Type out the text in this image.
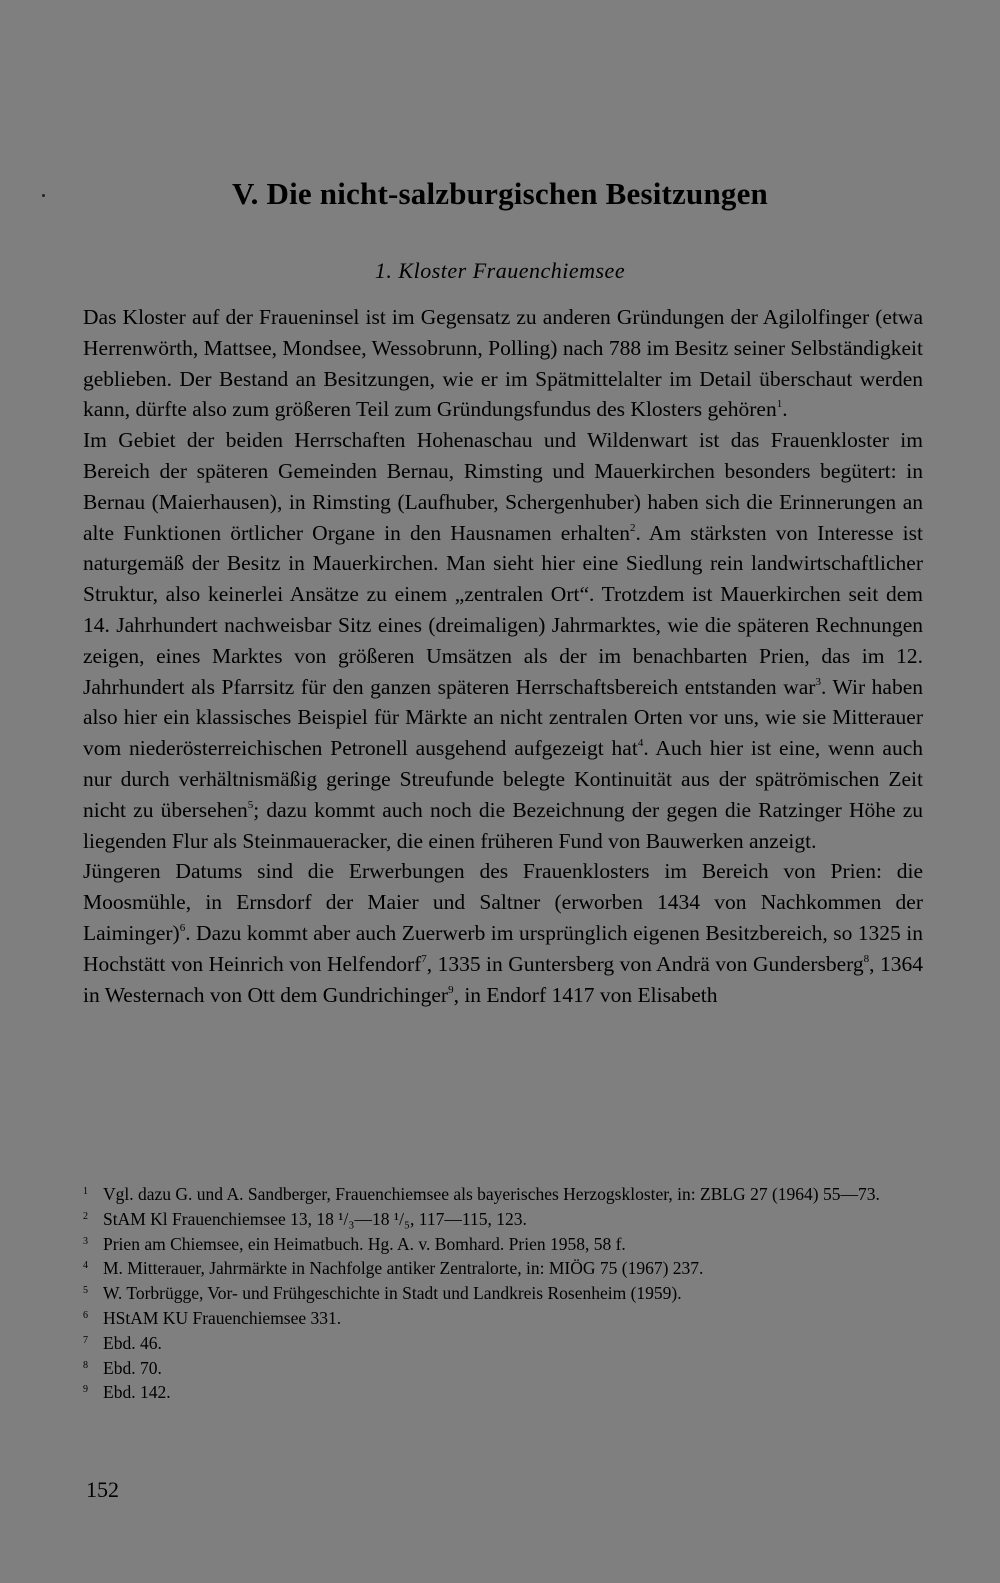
V. Die nicht-salzburgischen Besitzungen
1. Kloster Frauenchiemsee

Das Kloster auf der Fraueninsel ist im Gegensatz zu anderen Gründungen der Agilolfinger (etwa Herrenwörth, Mattsee, Mondsee, Wessobrunn, Polling) nach 788 im Besitz seiner Selbständigkeit geblieben. Der Bestand an Besitzungen, wie er im Spätmittelalter im Detail überschaut werden kann, dürfte also zum größeren Teil zum Gründungsfundus des Klosters gehören$^1$.

Im Gebiet der beiden Herrschaften Hohenaschau und Wildenwart ist das Frauenkloster im Bereich der späteren Gemeinden Bernau, Rimsting und Mauerkirchen besonders begütert: in Bernau (Maierhausen), in Rimsting (Laufhuber, Schergenhuber) haben sich die Erinnerungen an alte Funktionen örtlicher Organe in den Hausnamen erhalten$^2$. Am stärksten von Interesse ist naturgemäß der Besitz in Mauerkirchen. Man sieht hier eine Siedlung rein landwirtschaftlicher Struktur, also keinerlei Ansätze zu einem „zentralen Ort“. Trotzdem ist Mauerkirchen seit dem 14. Jahrhundert nachweisbar Sitz eines (dreimaligen) Jahrmarktes, wie die späteren Rechnungen zeigen, eines Marktes von größeren Umsätzen als der im benachbarten Prien, das im 12. Jahrhundert als Pfarrsitz für den ganzen späteren Herrschaftsbereich entstanden war$^3$. Wir haben also hier ein klassisches Beispiel für Märkte an nicht zentralen Orten vor uns, wie sie Mitterauer vom niederösterreichischen Petronell ausgehend aufgezeigt hat$^4$. Auch hier ist eine, wenn auch nur durch verhältnismäßig geringe Streufunde belegte Kontinuität aus der spätrömischen Zeit nicht zu übersehen$^5$; dazu kommt auch noch die Bezeichnung der gegen die Ratzinger Höhe zu liegenden Flur als Steinmaueracker, die einen früheren Fund von Bauwerken anzeigt.

Jüngeren Datums sind die Erwerbungen des Frauenklosters im Bereich von Prien: die Moosmühle, in Ernsdorf der Maier und Saltner (erworben 1434 von Nachkommen der Laiminger)$^6$. Dazu kommt aber auch Zuerwerb im ursprünglich eigenen Besitzbereich, so 1325 in Hochstätt von Heinrich von Helfendorf$^7$, 1335 in Guntersberg von Andrä von Gundersberg$^8$, 1364 in Westernach von Ott dem Gundrichinger$^9$, in Endorf 1417 von Elisabeth

1 Vgl. dazu G. und A. Sandberger, Frauenchiemsee als bayerisches Herzogskloster, in: ZBLG 27 (1964) 55—73.
2 StAM Kl Frauenchiemsee 13, 18 ¹/₃—18 ¹/₅, 117—115, 123.
3 Prien am Chiemsee, ein Heimatbuch. Hg. A. v. Bomhard. Prien 1958, 58 f.
4 M. Mitterauer, Jahrmärkte in Nachfolge antiker Zentralorte, in: MIÖG 75 (1967) 237.
5 W. Torbrügge, Vor- und Frühgeschichte in Stadt und Landkreis Rosenheim (1959).
6 HStAM KU Frauenchiemsee 331.
7 Ebd. 46.
8 Ebd. 70.
9 Ebd. 142.
152
